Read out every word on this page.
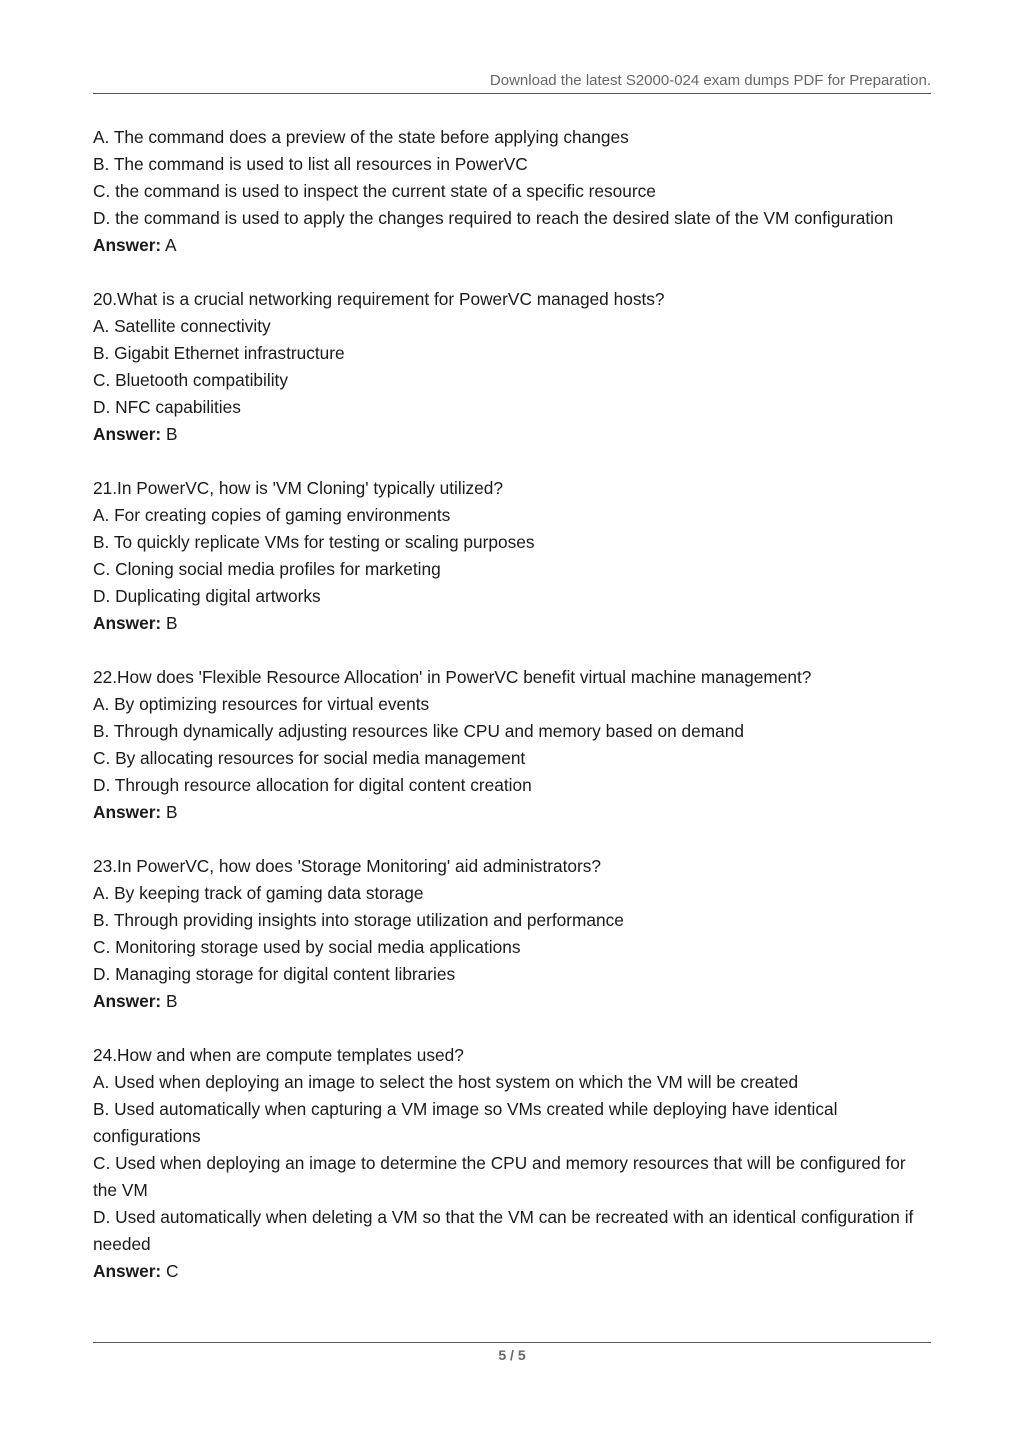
Download the latest S2000-024 exam dumps PDF for Preparation.

A. The command does a preview of the state before applying changes

B. The command is used to list all resources in PowerVC

C. the command is used to inspect the current state of a specific resource

D. the command is used to apply the changes required to reach the desired slate of the VM configuration

Answer: A

20.What is a crucial networking requirement for PowerVC managed hosts?

A. Satellite connectivity

B. Gigabit Ethernet infrastructure

C. Bluetooth compatibility

D. NFC capabilities

Answer: B

21.In PowerVC, how is 'VM Cloning' typically utilized?

A. For creating copies of gaming environments

B. To quickly replicate VMs for testing or scaling purposes

C. Cloning social media profiles for marketing

D. Duplicating digital artworks

Answer: B

22.How does 'Flexible Resource Allocation' in PowerVC benefit virtual machine management?

A. By optimizing resources for virtual events

B. Through dynamically adjusting resources like CPU and memory based on demand

C. By allocating resources for social media management

D. Through resource allocation for digital content creation

Answer: B

23.In PowerVC, how does 'Storage Monitoring' aid administrators?

A. By keeping track of gaming data storage

B. Through providing insights into storage utilization and performance

C. Monitoring storage used by social media applications

D. Managing storage for digital content libraries

Answer: B

24.How and when are compute templates used?

A. Used when deploying an image to select the host system on which the VM will be created

B. Used automatically when capturing a VM image so VMs created while deploying have identical configurations

C. Used when deploying an image to determine the CPU and memory resources that will be configured for the VM

D. Used automatically when deleting a VM so that the VM can be recreated with an identical configuration if needed

Answer: C

5 / 5
